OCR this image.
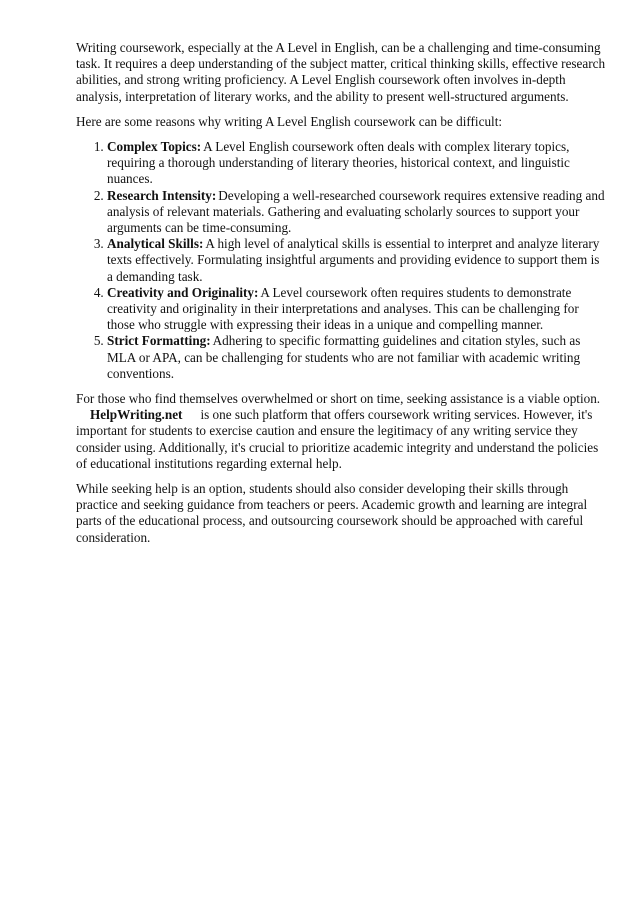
Writing coursework, especially at the A Level in English, can be a challenging and time-consuming task. It requires a deep understanding of the subject matter, critical thinking skills, effective research abilities, and strong writing proficiency. A Level English coursework often involves in-depth analysis, interpretation of literary works, and the ability to present well-structured arguments.

Here are some reasons why writing A Level English coursework can be difficult:

1. Complex Topics: A Level English coursework often deals with complex literary topics, requiring a thorough understanding of literary theories, historical context, and linguistic nuances.
2. Research Intensity: Developing a well-researched coursework requires extensive reading and analysis of relevant materials. Gathering and evaluating scholarly sources to support your arguments can be time-consuming.
3. Analytical Skills: A high level of analytical skills is essential to interpret and analyze literary texts effectively. Formulating insightful arguments and providing evidence to support them is a demanding task.
4. Creativity and Originality: A Level coursework often requires students to demonstrate creativity and originality in their interpretations and analyses. This can be challenging for those who struggle with expressing their ideas in a unique and compelling manner.
5. Strict Formatting: Adhering to specific formatting guidelines and citation styles, such as MLA or APA, can be challenging for students who are not familiar with academic writing conventions.

For those who find themselves overwhelmed or short on time, seeking assistance is a viable option.
HelpWriting.net is one such platform that offers coursework writing services. However, it's important for students to exercise caution and ensure the legitimacy of any writing service they consider using. Additionally, it's crucial to prioritize academic integrity and understand the policies of educational institutions regarding external help.

While seeking help is an option, students should also consider developing their skills through practice and seeking guidance from teachers or peers. Academic growth and learning are integral parts of the educational process, and outsourcing coursework should be approached with careful consideration.
